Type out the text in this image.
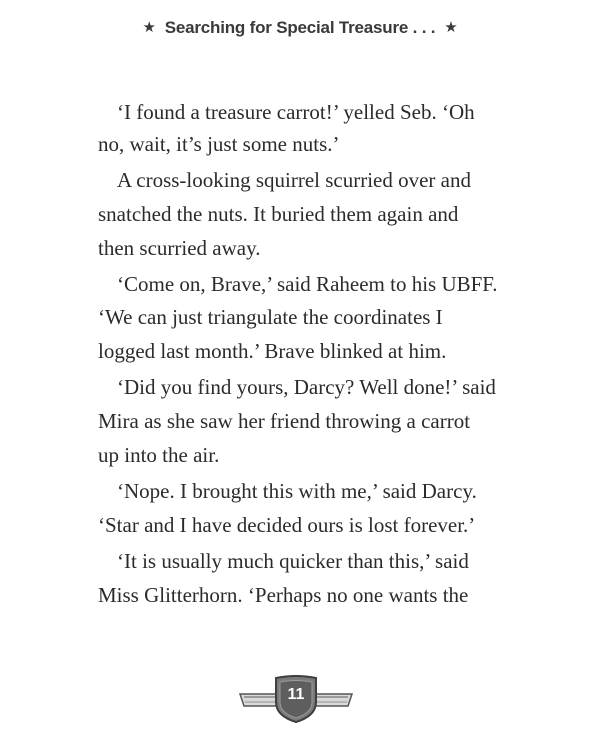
★ Searching for Special Treasure . . . ★
‘I found a treasure carrot!’ yelled Seb. ‘Oh
no, wait, it’s just some nuts.’
A cross-looking squirrel scurried over and
snatched the nuts. It buried them again and
then scurried away.
‘Come on, Brave,’ said Raheem to his UBFF.
‘We can just triangulate the coordinates I
logged last month.’ Brave blinked at him.
‘Did you find yours, Darcy? Well done!’ said
Mira as she saw her friend throwing a carrot
up into the air.
‘Nope. I brought this with me,’ said Darcy.
‘Star and I have decided ours is lost forever.’
‘It is usually much quicker than this,’ said
Miss Glitterhorn. ‘Perhaps no one wants the
11
